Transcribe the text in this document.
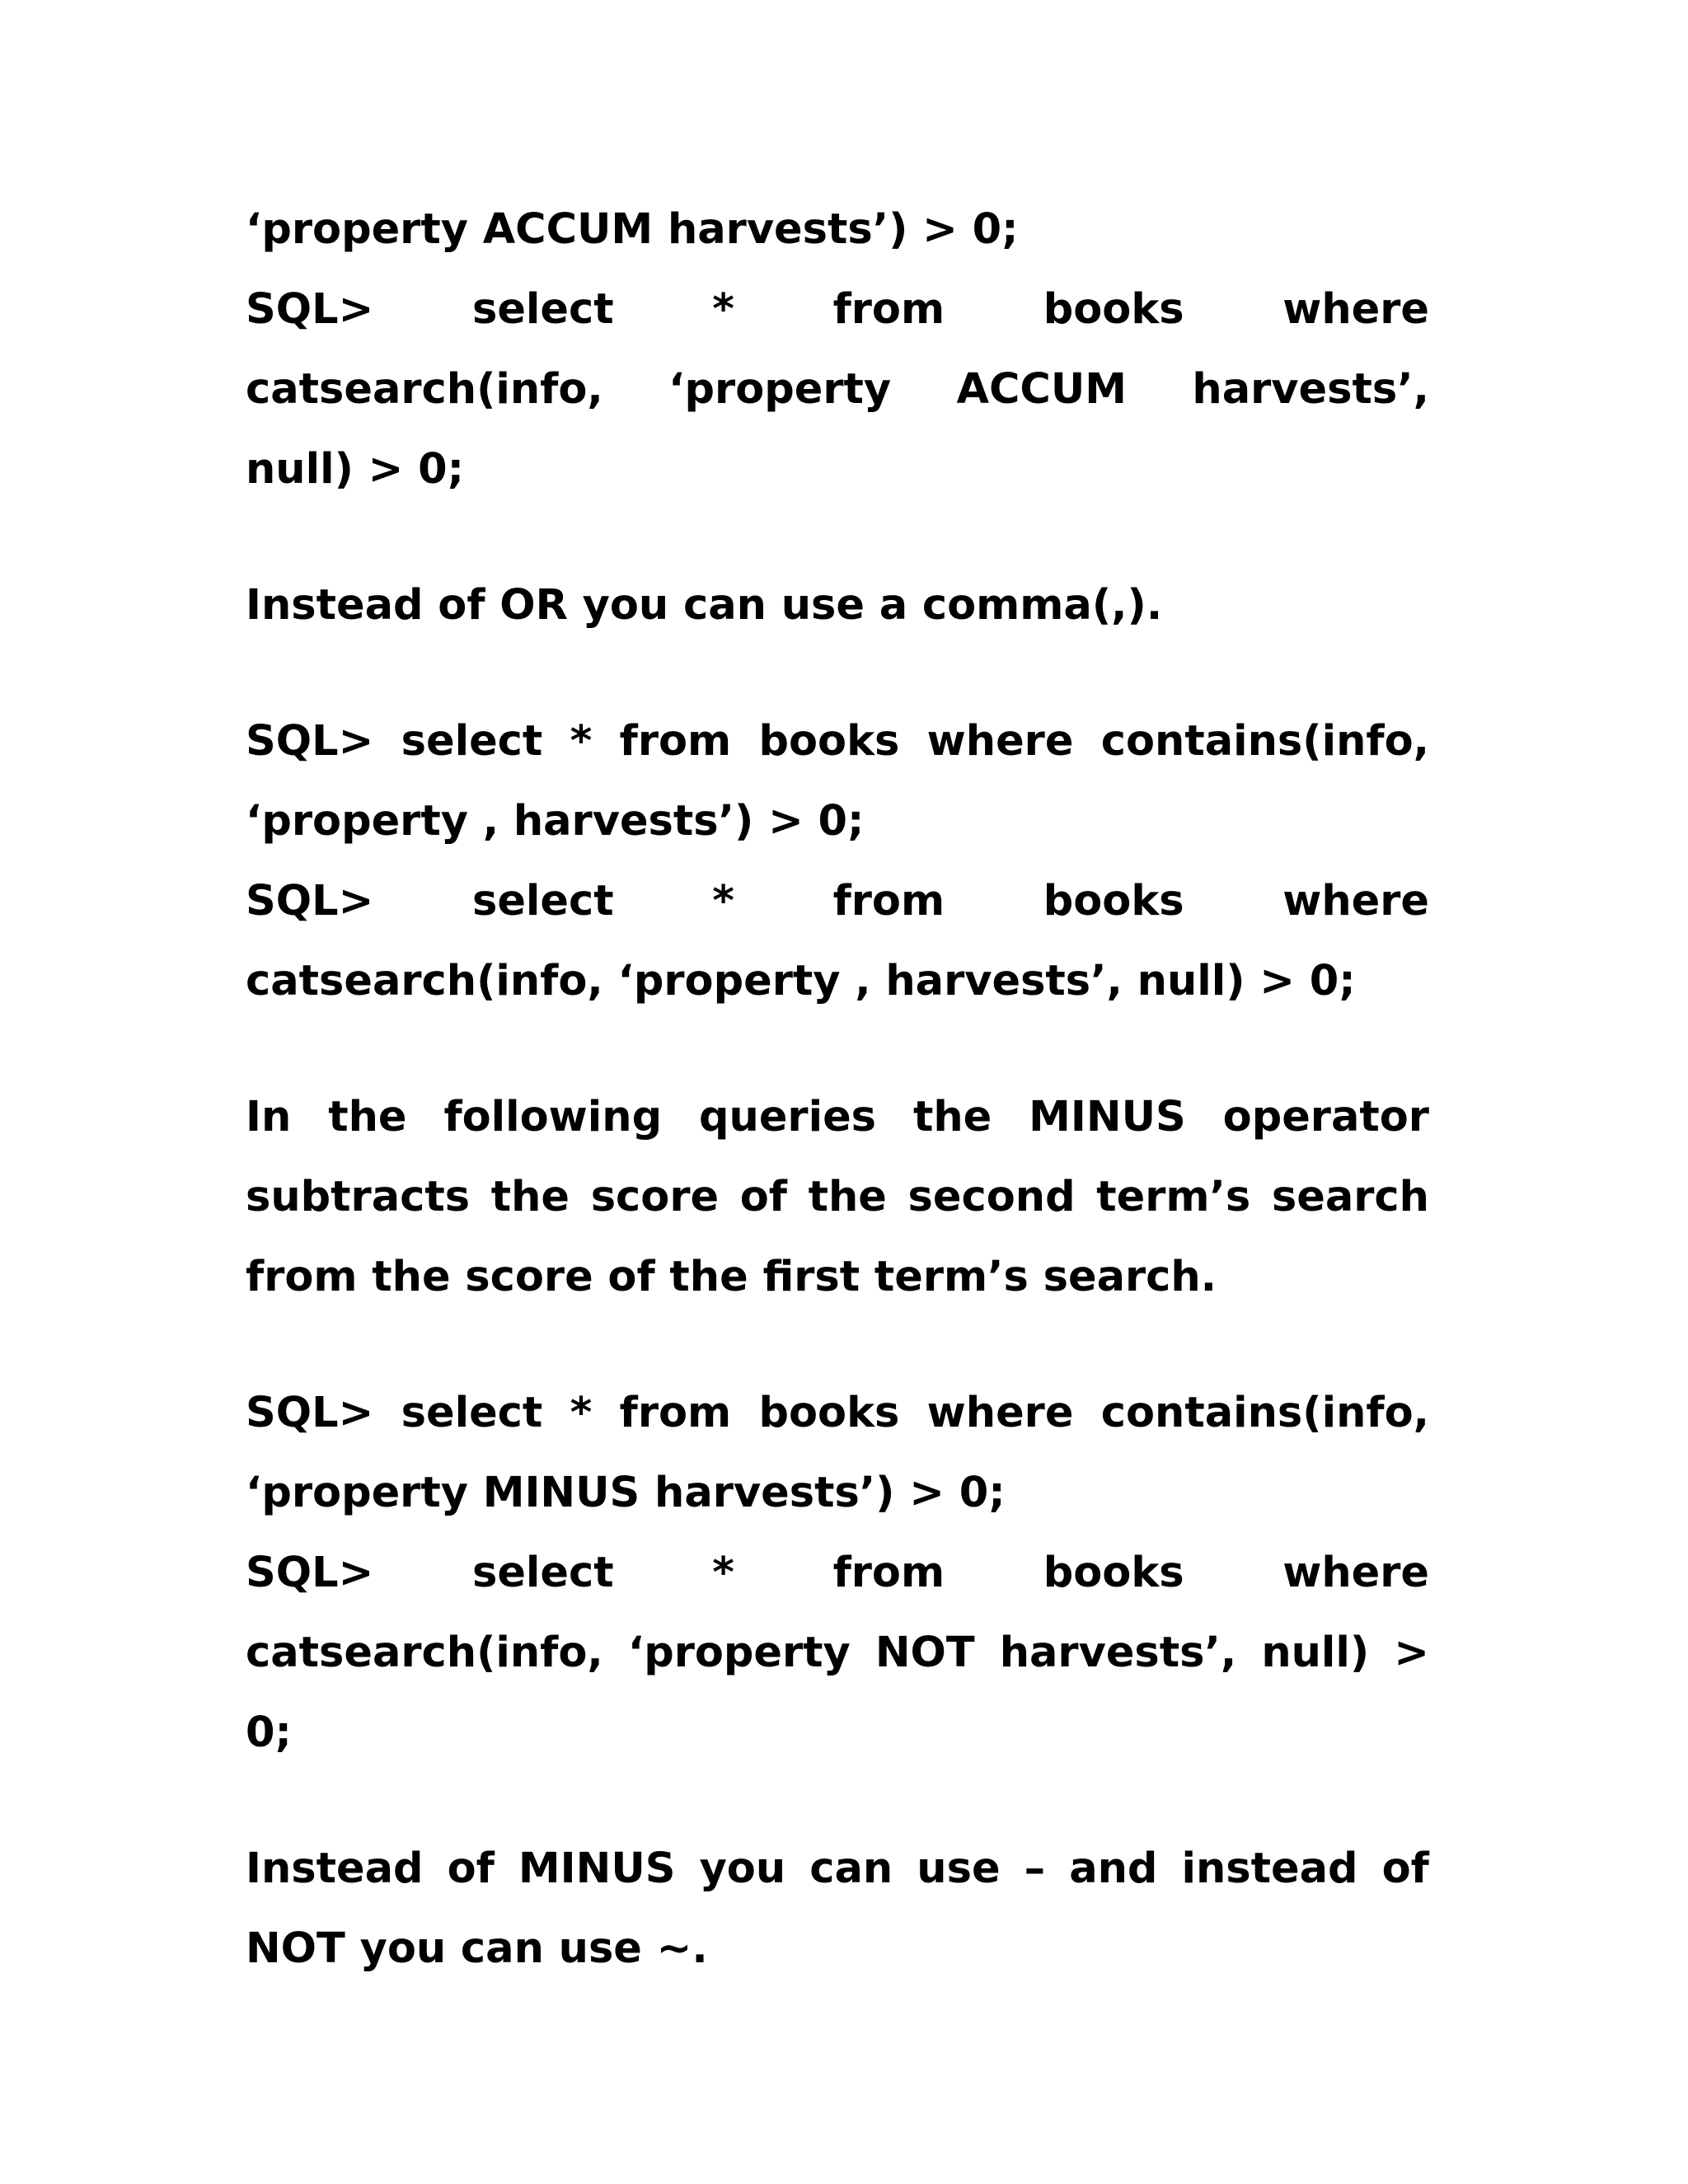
‘property ACCUM harvests’) > 0;
SQL> select * from books where
catsearch(info, ‘property ACCUM harvests’,
null) > 0;
Instead of OR you can use a comma(,).
SQL> select * from books where contains(info,
‘property , harvests’) > 0;
SQL> select * from books where
catsearch(info, ‘property , harvests’, null) > 0;
In the following queries the MINUS operator
subtracts the score of the second term’s search
from the score of the first term’s search.
SQL> select * from books where contains(info,
‘property MINUS harvests’) > 0;
SQL> select * from books where
catsearch(info, ‘property NOT harvests’, null) >
0;
Instead of MINUS you can use – and instead of
NOT you can use ~.
